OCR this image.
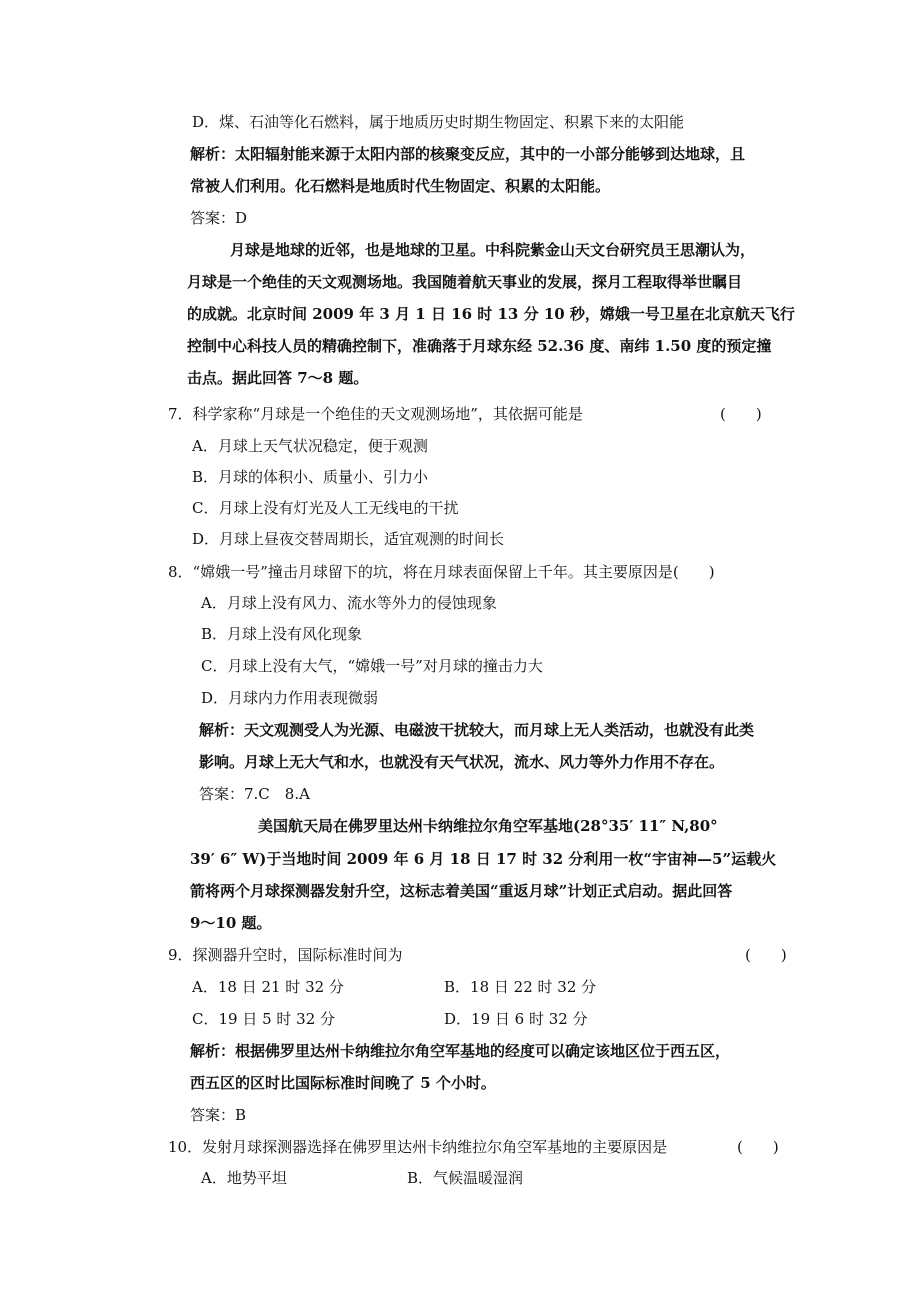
D．煤、石油等化石燃料，属于地质历史时期生物固定、积累下来的太阳能
解析：太阳辐射能来源于太阳内部的核聚变反应，其中的一小部分能够到达地球，且
常被人们利用。化石燃料是地质时代生物固定、积累的太阳能。
答案：D
月球是地球的近邻，也是地球的卫星。中科院紫金山天文台研究员王思潮认为，
月球是一个绝佳的天文观测场地。我国随着航天事业的发展，探月工程取得举世瞩目
的成就。北京时间 2009 年 3 月 1 日 16 时 13 分 10 秒，嫦娥一号卫星在北京航天飞行
控制中心科技人员的精确控制下，准确落于月球东经 52.36 度、南纬 1.50 度的预定撞
击点。据此回答 7～8 题。
7．科学家称“月球是一个绝佳的天文观测场地”，其依据可能是	(　　)
A．月球上天气状况稳定，便于观测
B．月球的体积小、质量小、引力小
C．月球上没有灯光及人工无线电的干扰
D．月球上昼夜交替周期长，适宜观测的时间长
8．“嫦娥一号”撞击月球留下的坑，将在月球表面保留上千年。其主要原因是(　　)
A．月球上没有风力、流水等外力的侵蚀现象
B．月球上没有风化现象
C．月球上没有大气，“嫦娥一号”对月球的撞击力大
D．月球内力作用表现微弱
解析：天文观测受人为光源、电磁波干扰较大，而月球上无人类活动，也就没有此类
影响。月球上无大气和水，也就没有天气状况，流水、风力等外力作用不存在。
答案：7.C　8.A
美国航天局在佛罗里达州卡纳维拉尔角空军基地(28°35′ 11″ N,80°
39′ 6″ W)于当地时间 2009 年 6 月 18 日 17 时 32 分利用一枚“宇宙神—5”运载火
箭将两个月球探测器发射升空，这标志着美国“重返月球”计划正式启动。据此回答
9～10 题。
9．探测器升空时，国际标准时间为	(　　)
A．18 日 21 时 32 分	B．18 日 22 时 32 分
C．19 日 5 时 32 分	D．19 日 6 时 32 分
解析：根据佛罗里达州卡纳维拉尔角空军基地的经度可以确定该地区位于西五区，
西五区的区时比国际标准时间晚了 5 个小时。
答案：B
10．发射月球探测器选择在佛罗里达州卡纳维拉尔角空军基地的主要原因是	(　　)
A．地势平坦	B．气候温暖湿润
